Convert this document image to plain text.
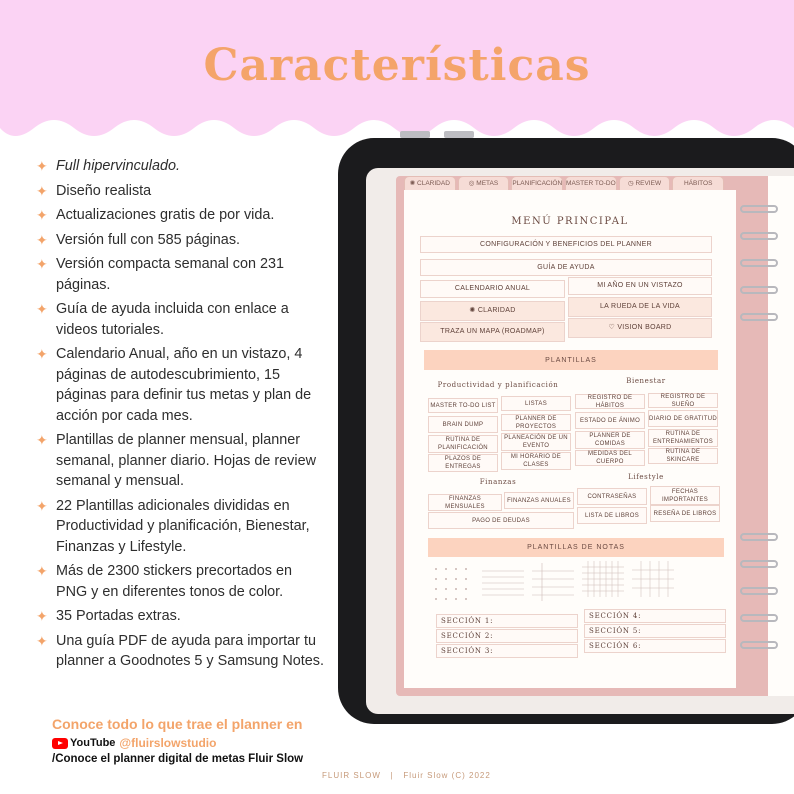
Características
✦ Full hipervinculado.
✦ Diseño realista
✦ Actualizaciones gratis de por vida.
✦ Versión full con 585 páginas.
✦ Versión compacta semanal con 231 páginas.
✦ Guía de ayuda incluida con enlace a videos tutoriales.
✦ Calendario Anual, año en un vistazo, 4 páginas de autodescubrimiento, 15 páginas para definir tus metas y plan de acción por cada mes.
✦ Plantillas de planner mensual, planner semanal, planner diario. Hojas de review semanal y mensual.
✦ 22 Plantillas adicionales divididas en Productividad y planificación, Bienestar, Finanzas y Lifestyle.
✦ Más de 2300 stickers precortados en PNG y en diferentes tonos de color.
✦ 35 Portadas extras.
✦ Una guía PDF de ayuda para importar tu planner a Goodnotes 5 y Samsung Notes.
Conoce todo lo que trae el planner en
YouTube @fluirslowstudio
/Conoce el planner digital de metas Fluir Slow
FLUIR SLOW | Fluir Slow (C) 2022
✺ CLARIDAD	◎ METAS	PLANIFICACIÓN MASTER TO-DO	◷ REVIEW	HÁBITOS
MENÚ PRINCIPAL
CONFIGURACIÓN Y BENEFICIOS DEL PLANNER
GUÍA DE AYUDA
CALENDARIO ANUAL	MI AÑO EN UN VISTAZO
✺ CLARIDAD
LA RUEDA DE LA VIDA
TRAZA UN MAPA (ROADMAP)
♡ VISION BOARD
PLANTILLAS
Productividad y planificación	Bienestar
MASTER TO-DO LIST	LISTAS
BRAIN DUMP
PLANNER DE PROYECTOS
RUTINA DE PLANIFICACIÓN
PLANEACIÓN DE UN EVENTO
PLAZOS DE ENTREGAS
MI HORARIO DE CLASES
REGISTRO DE HÁBITOS
REGISTRO DE SUEÑO
ESTADO DE ÁNIMO	DIARIO DE GRATITUD
PLANNER DE COMIDAS
RUTINA DE ENTRENAMIENTOS
MEDIDAS DEL CUERPO
RUTINA DE SKINCARE
Finanzas
Lifestyle
FINANZAS MENSUALES
FINANZAS ANUALES
PAGO DE DEUDAS
CONTRASEÑAS
FECHAS IMPORTANTES
LISTA DE LIBROS	RESEÑA DE LIBROS
PLANTILLAS DE NOTAS
SECCIÓN 1:
SECCIÓN 2:
SECCIÓN 3:
SECCIÓN 4:
SECCIÓN 5:
SECCIÓN 6:
